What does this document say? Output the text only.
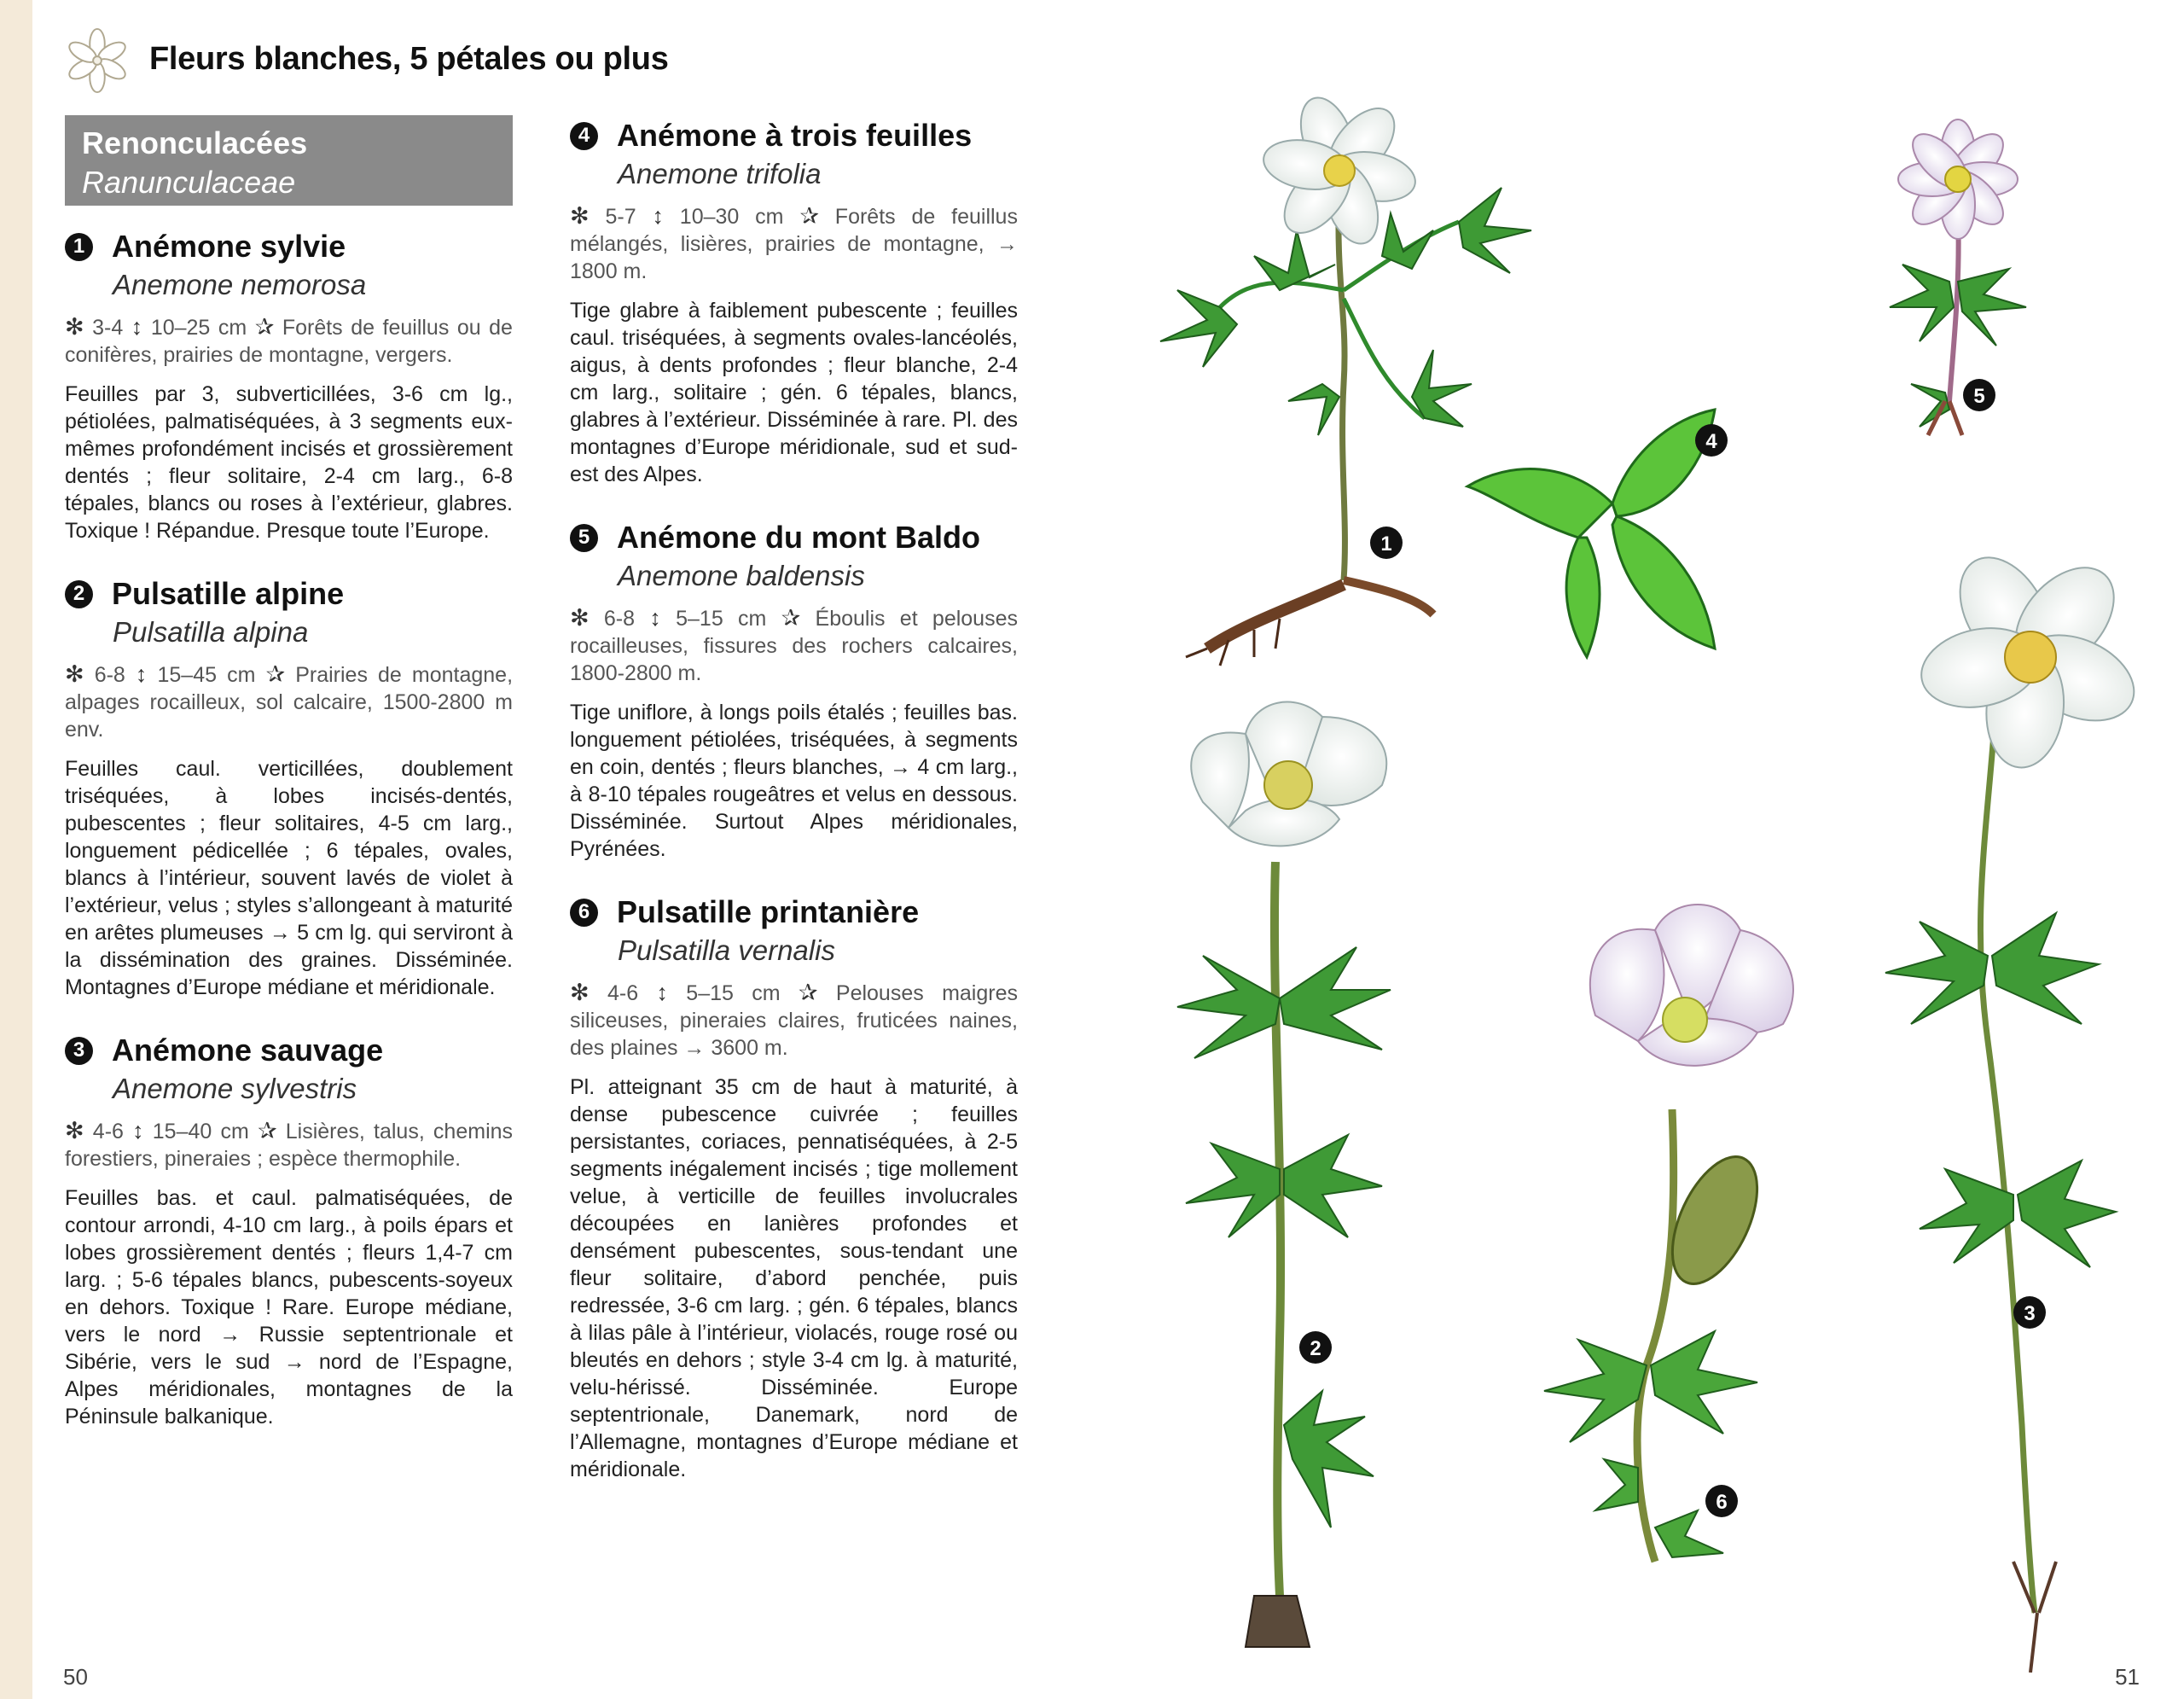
Fleurs blanches, 5 pétales ou plus
Renonculacées
Ranunculaceae
1 Anémone sylvie
Anemone nemorosa
✻ 3-4 ↕ 10–25 cm ✰ Forêts de feuillus ou de conifères, prairies de montagne, vergers.
Feuilles par 3, subverticillées, 3-6 cm lg., pétiolées, palmatiséquées, à 3 segments eux-mêmes profondément incisés et grossièrement dentés ; fleur solitaire, 2-4 cm larg., 6-8 tépales, blancs ou roses à l’extérieur, glabres. Toxique ! Répandue. Presque toute l’Europe.
2 Pulsatille alpine
Pulsatilla alpina
✻ 6-8 ↕ 15–45 cm ✰ Prairies de montagne, alpages rocailleux, sol calcaire, 1500-2800 m env.
Feuilles caul. verticillées, doublement triséquées, à lobes incisés-dentés, pubescentes ; fleur solitaires, 4-5 cm larg., longuement pédicellée ; 6 tépales, ovales, blancs à l’intérieur, souvent lavés de violet à l’extérieur, velus ; styles s’allongeant à maturité en arêtes plumeuses → 5 cm lg. qui serviront à la dissémination des graines. Disséminée. Montagnes d’Europe médiane et méridionale.
3 Anémone sauvage
Anemone sylvestris
✻ 4-6 ↕ 15–40 cm ✰ Lisières, talus, chemins forestiers, pineraies ; espèce thermophile.
Feuilles bas. et caul. palmatiséquées, de contour arrondi, 4-10 cm larg., à poils épars et lobes grossièrement dentés ; fleurs 1,4-7 cm larg. ; 5-6 tépales blancs, pubescents-soyeux en dehors. Toxique ! Rare. Europe médiane, vers le nord → Russie septentrionale et Sibérie, vers le sud → nord de l’Espagne, Alpes méridionales, montagnes de la Péninsule balkanique.
4 Anémone à trois feuilles
Anemone trifolia
✻ 5-7 ↕ 10–30 cm ✰ Forêts de feuillus mélangés, lisières, prairies de montagne, → 1800 m.
Tige glabre à faiblement pubescente ; feuilles caul. triséquées, à segments ovales-lancéolés, aigus, à dents profondes ; fleur blanche, 2-4 cm larg., solitaire ; gén. 6 tépales, blancs, glabres à l’extérieur. Disséminée à rare. Pl. des montagnes d’Europe méridionale, sud et sud-est des Alpes.
5 Anémone du mont Baldo
Anemone baldensis
✻ 6-8 ↕ 5–15 cm ✰ Éboulis et pelouses rocailleuses, fissures des rochers calcaires, 1800-2800 m.
Tige uniflore, à longs poils étalés ; feuilles bas. longuement pétiolées, triséquées, à segments en coin, dentés ; fleurs blanches, → 4 cm larg., à 8-10 tépales rougeâtres et velus en dessous. Disséminée. Surtout Alpes méridionales, Pyrénées.
6 Pulsatille printanière
Pulsatilla vernalis
✻ 4-6 ↕ 5–15 cm ✰ Pelouses maigres siliceuses, pineraies claires, fruticées naines, des plaines → 3600 m.
Pl. atteignant 35 cm de haut à maturité, à dense pubescence cuivrée ; feuilles persistantes, coriaces, pennatiséquées, à 2-5 segments inégalement incisés ; tige mollement velue, à verticille de feuilles involucrales découpées en lanières profondes et densément pubescentes, sous-tendant une fleur solitaire, d’abord penchée, puis redressée, 3-6 cm larg. ; gén. 6 tépales, blancs à lilas pâle à l’intérieur, violacés, rouge rosé ou bleutés en dehors ; style 3-4 cm lg. à maturité, velu-hérissé. Disséminée. Europe septentrionale, Danemark, nord de l’Allemagne, montagnes d’Europe médiane et méridionale.
1
2
3
4
5
6
50	51
